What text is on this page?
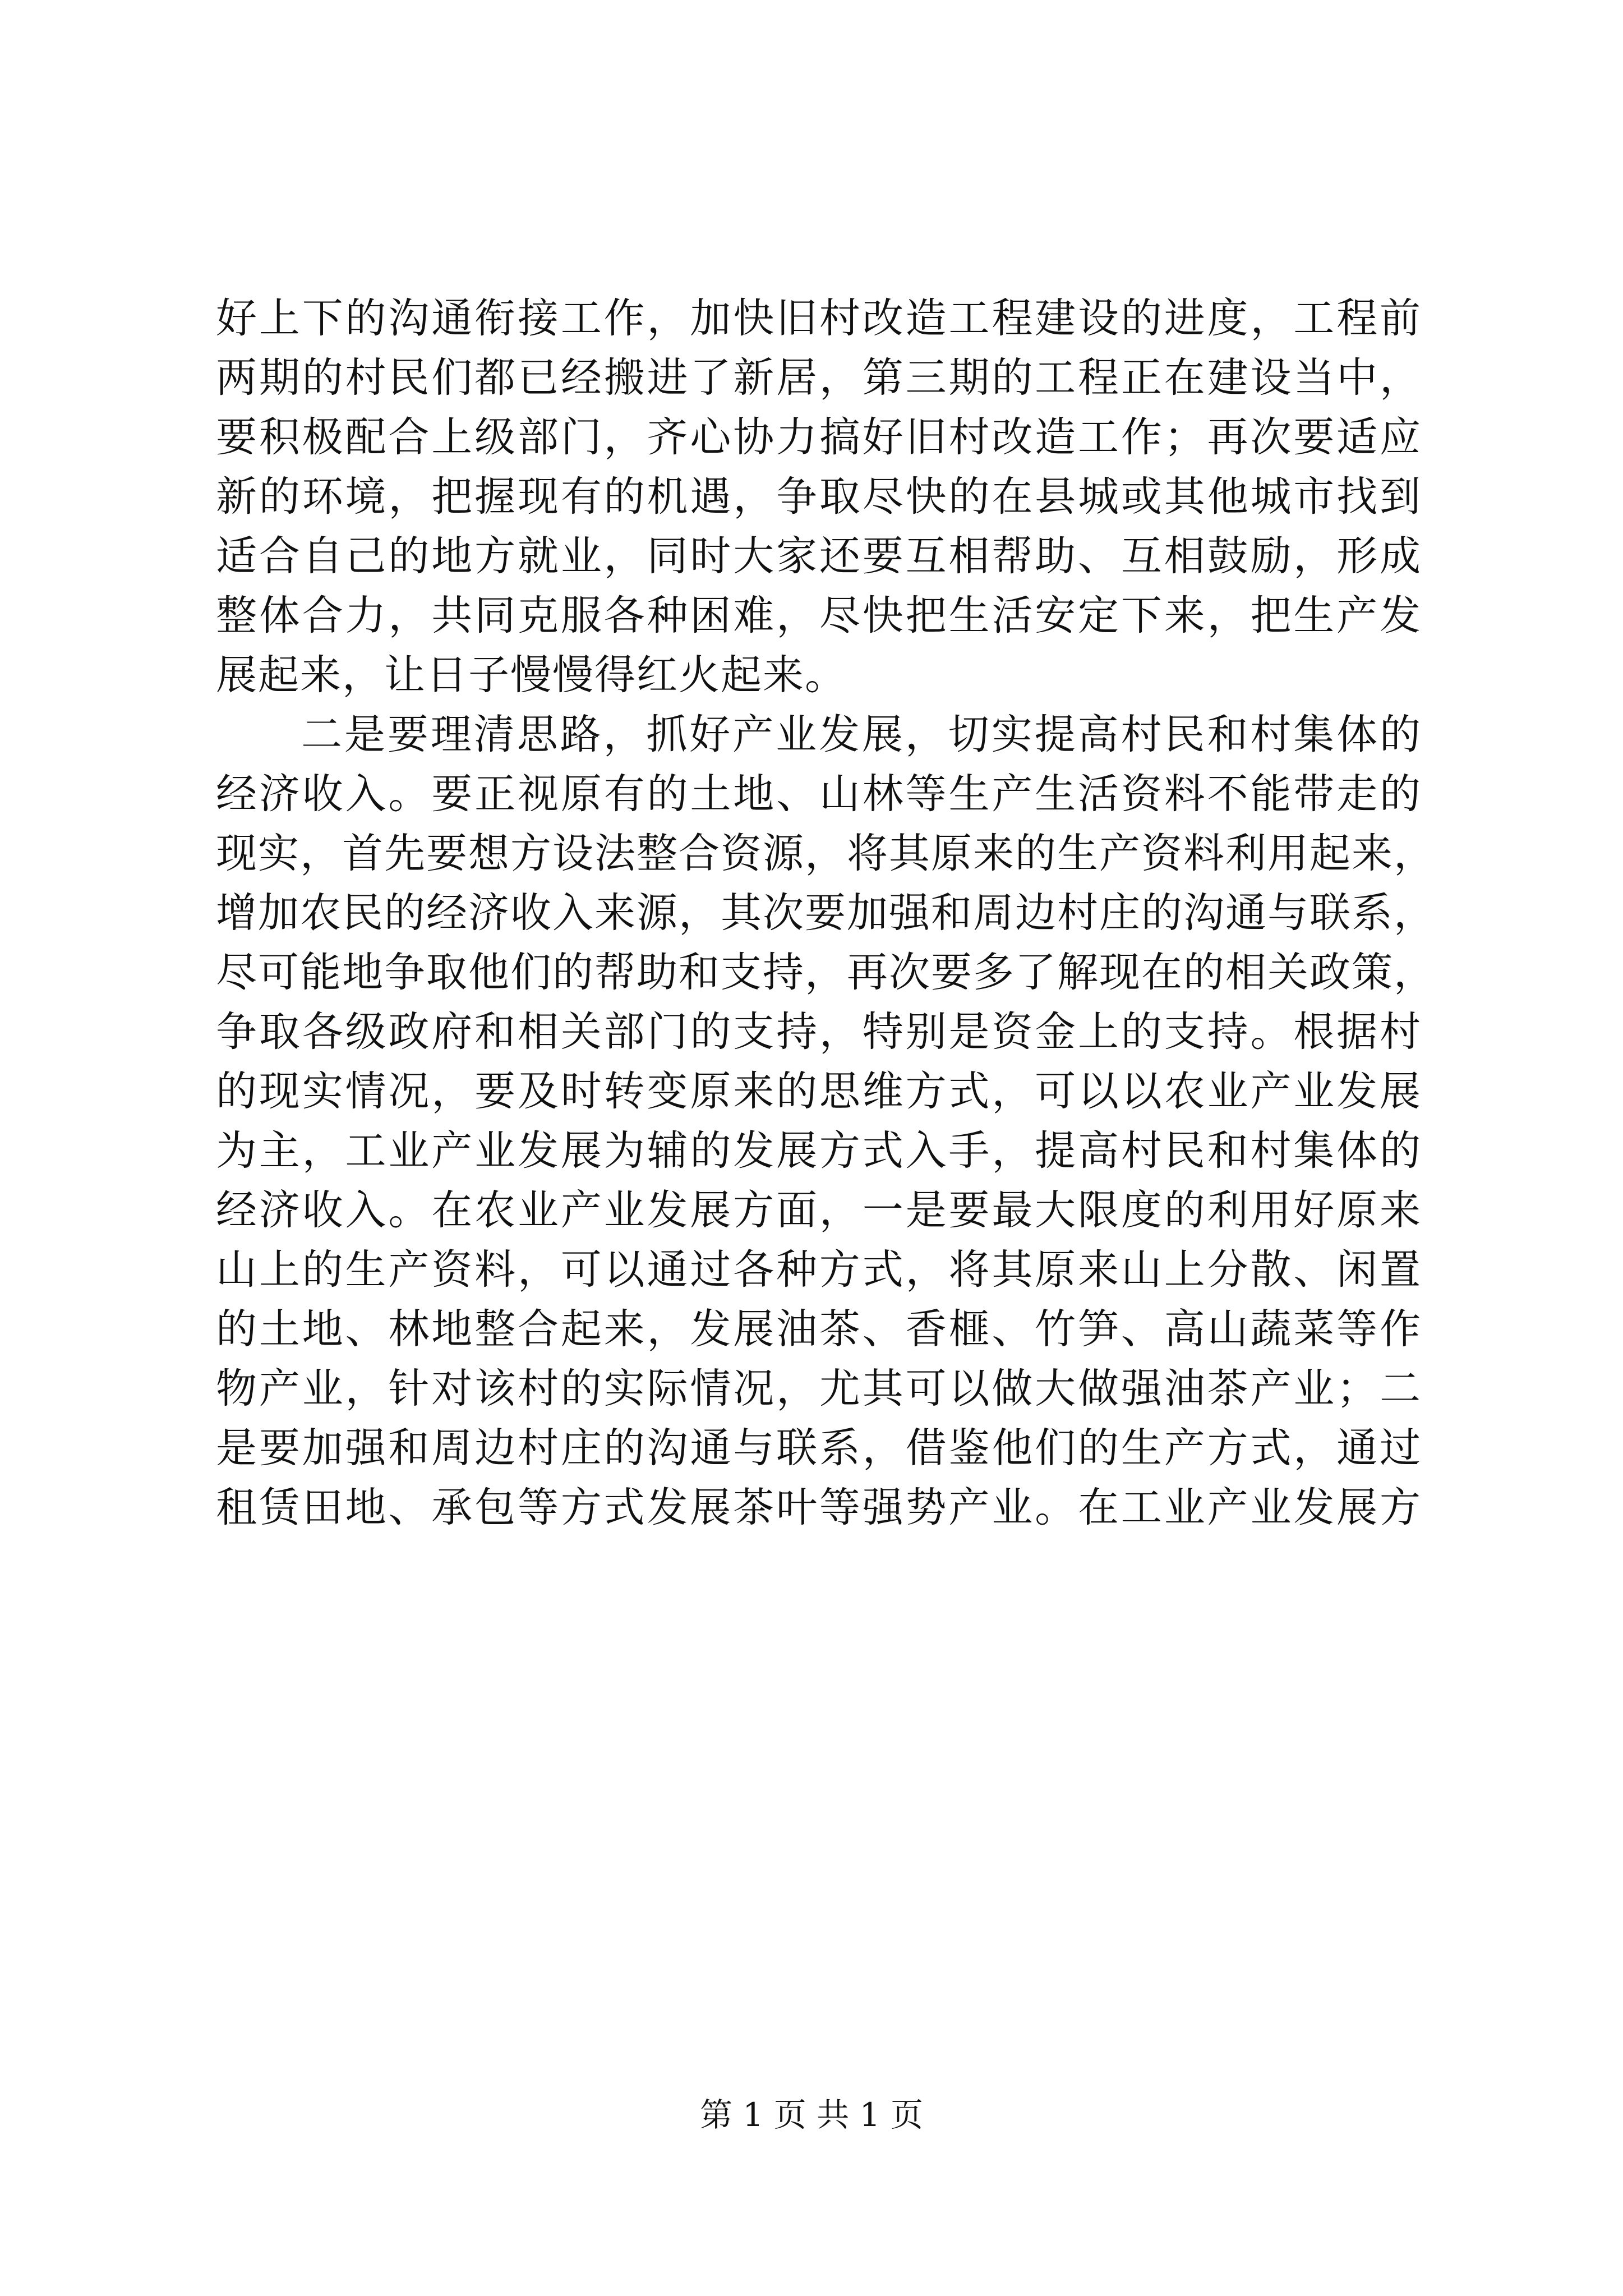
好上下的沟通衔接工作，加快旧村改造工程建设的进度，工程前
两期的村民们都已经搬进了新居，第三期的工程正在建设当中，
要积极配合上级部门，齐心协力搞好旧村改造工作；再次要适应
新的环境，把握现有的机遇，争取尽快的在县城或其他城市找到
适合自己的地方就业，同时大家还要互相帮助、互相鼓励，形成
整体合力，共同克服各种困难，尽快把生活安定下来，把生产发
展起来，让日子慢慢得红火起来。
二是要理清思路，抓好产业发展，切实提高村民和村集体的
经济收入。要正视原有的土地、山林等生产生活资料不能带走的
现实，首先要想方设法整合资源，将其原来的生产资料利用起来，
增加农民的经济收入来源，其次要加强和周边村庄的沟通与联系，
尽可能地争取他们的帮助和支持，再次要多了解现在的相关政策，
争取各级政府和相关部门的支持，特别是资金上的支持。根据村
的现实情况，要及时转变原来的思维方式，可以以农业产业发展
为主，工业产业发展为辅的发展方式入手，提高村民和村集体的
经济收入。在农业产业发展方面，一是要最大限度的利用好原来
山上的生产资料，可以通过各种方式，将其原来山上分散、闲置
的土地、林地整合起来，发展油茶、香榧、竹笋、高山蔬菜等作
物产业，针对该村的实际情况，尤其可以做大做强油茶产业；二
是要加强和周边村庄的沟通与联系，借鉴他们的生产方式，通过
租赁田地、承包等方式发展茶叶等强势产业。在工业产业发展方
第 1 页 共 1 页
